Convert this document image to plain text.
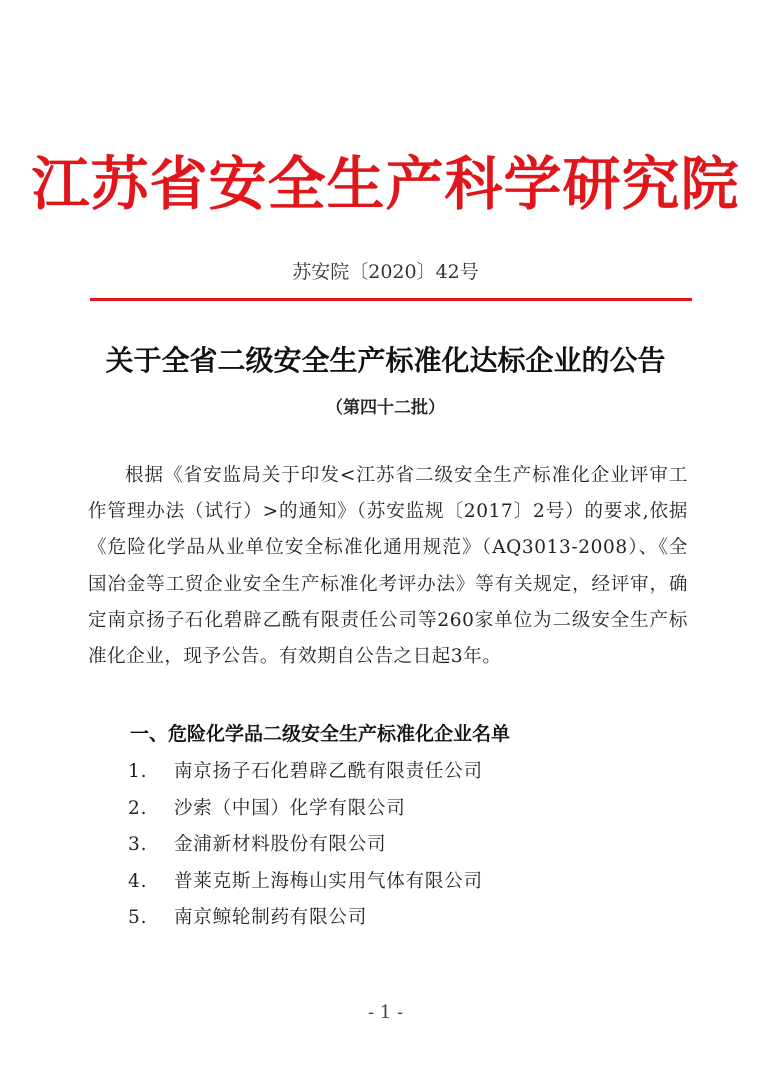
江苏省安全生产科学研究院
苏安院〔2020〕42号
关于全省二级安全生产标准化达标企业的公告
（第四十二批）
根据《省安监局关于印发<江苏省二级安全生产标准化企业评审工作管理办法（试行）>的通知》（苏安监规〔2017〕2号）的要求,依据《危险化学品从业单位安全标准化通用规范》（AQ3013-2008）、《全国冶金等工贸企业安全生产标准化考评办法》等有关规定，经评审，确定南京扬子石化碧辟乙酰有限责任公司等260家单位为二级安全生产标准化企业，现予公告。有效期自公告之日起3年。
一、危险化学品二级安全生产标准化企业名单
1. 南京扬子石化碧辟乙酰有限责任公司
2. 沙索（中国）化学有限公司
3. 金浦新材料股份有限公司
4. 普莱克斯上海梅山实用气体有限公司
5. 南京鲸轮制药有限公司
- 1 -
